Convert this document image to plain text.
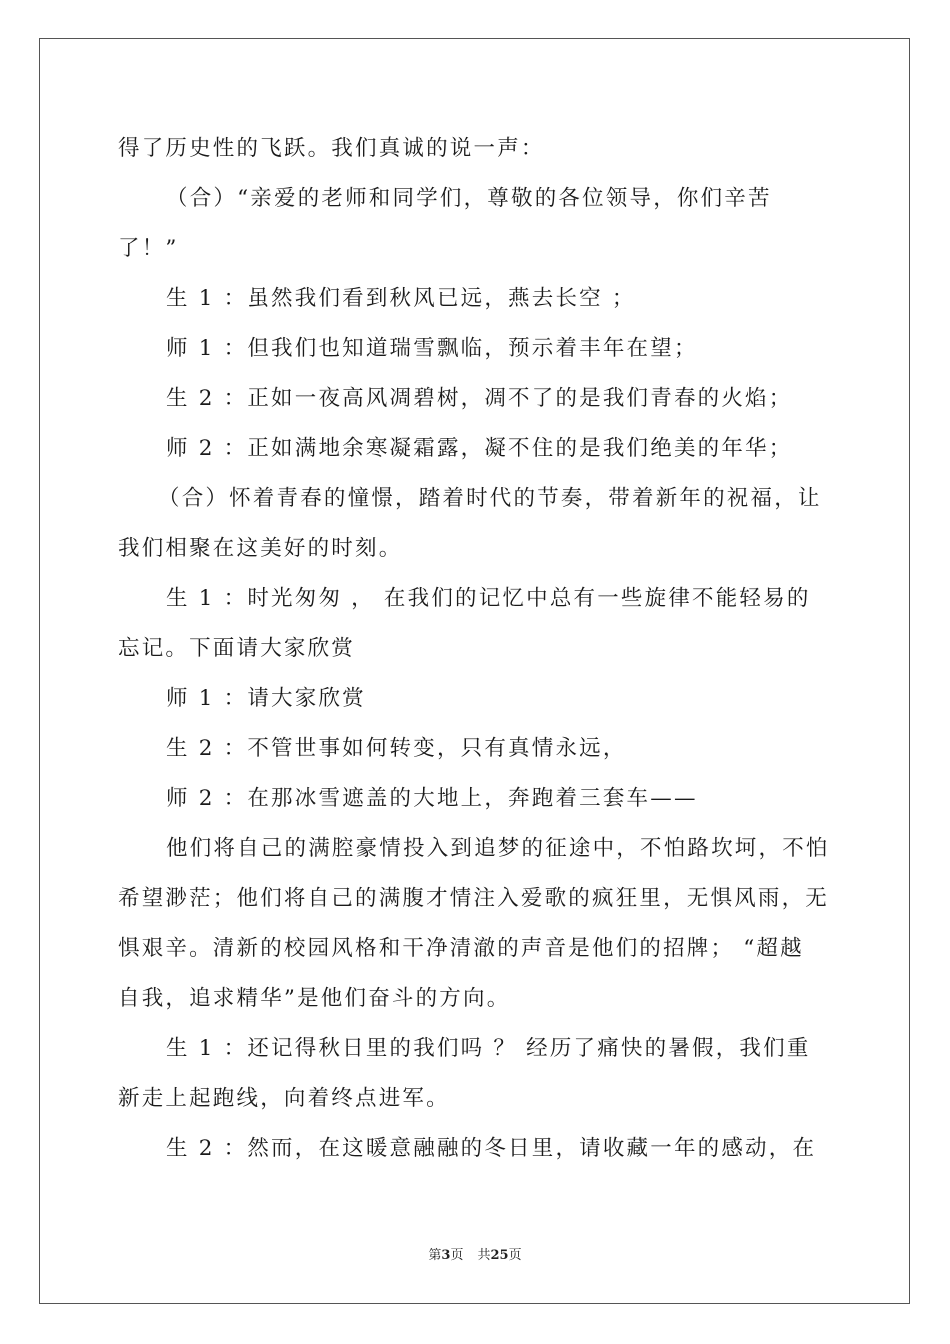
得了历史性的飞跃。我们真诚的说一声：
（合）“亲爱的老师和同学们，尊敬的各位领导，你们辛苦
了！”
生 1 ：虽然我们看到秋风已远，燕去长空 ；
师 1 ：但我们也知道瑞雪飘临，预示着丰年在望；
生 2 ：正如一夜高风凋碧树，凋不了的是我们青春的火焰；
师 2 ：正如满地余寒凝霜露，凝不住的是我们绝美的年华；
（合）怀着青春的憧憬，踏着时代的节奏，带着新年的祝福，让
我们相聚在这美好的时刻。
生 1 ：时光匆匆 ， 在我们的记忆中总有一些旋律不能轻易的
忘记。下面请大家欣赏
师 1 ：请大家欣赏
生 2 ：不管世事如何转变，只有真情永远，
师 2 ：在那冰雪遮盖的大地上，奔跑着三套车——
他们将自己的满腔豪情投入到追梦的征途中，不怕路坎坷，不怕
希望渺茫；他们将自己的满腹才情注入爱歌的疯狂里，无惧风雨，无
惧艰辛。清新的校园风格和干净清澈的声音是他们的招牌； “超越
自我，追求精华”是他们奋斗的方向。
生 1 ：还记得秋日里的我们吗 ？ 经历了痛快的暑假，我们重
新走上起跑线，向着终点进军。
生 2 ：然而，在这暖意融融的冬日里，请收藏一年的感动，在
第3页 共25页
